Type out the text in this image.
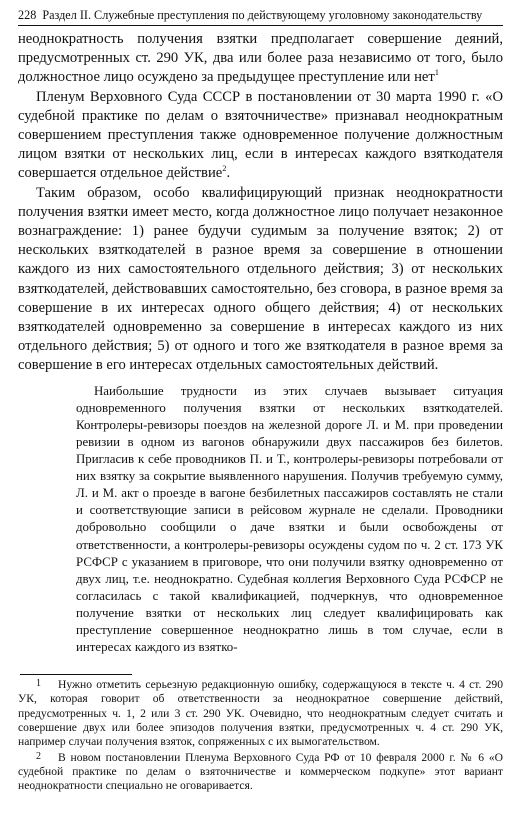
228 Раздел II. Служебные преступления по действующему уголовному законодательству

неоднократность получения взятки предполагает совершение деяний, предусмотренных ст. 290 УК, два или более раза независимо от того, было должностное лицо осуждено за предыдущее преступление или нет$^1$

Пленум Верховного Суда СССР в постановлении от 30 марта 1990 г. «О судебной практике по делам о взяточничестве» признавал неоднократным совершением преступления также одновременное получение должностным лицом взятки от нескольких лиц, если в интересах каждого взяткодателя совершается отдельное действие$^2$.

Таким образом, особо квалифицирующий признак неоднократности получения взятки имеет место, когда должностное лицо получает незаконное вознаграждение: 1) ранее будучи судимым за получение взяток; 2) от нескольких взяткодателей в разное время за совершение в отношении каждого из них самостоятельного отдельного действия; 3) от нескольких взяткодателей, действовавших самостоятельно, без сговора, в разное время за совершение в их интересах одного общего действия; 4) от нескольких взяткодателей одновременно за совершение в интересах каждого из них отдельного действия; 5) от одного и того же взяткодателя в разное время за совершение в его интересах отдельных самостоятельных действий.

Наибольшие трудности из этих случаев вызывает ситуация одновременного получения взятки от нескольких взяткодателей. Контролеры-ревизоры поездов на железной дороге Л. и М. при проведении ревизии в одном из вагонов обнаружили двух пассажиров без билетов. Пригласив к себе проводников П. и Т., контролеры-ревизоры потребовали от них взятку за сокрытие выявленного нарушения. Получив требуемую сумму, Л. и М. акт о проезде в вагоне безбилетных пассажиров составлять не стали и соответствующие записи в рейсовом журнале не сделали. Проводники добровольно сообщили о даче взятки и были освобождены от ответственности, а контролеры-ревизоры осуждены судом по ч. 2 ст. 173 УК РСФСР с указанием в приговоре, что они получили взятку одновременно от двух лиц, т.е. неоднократно. Судебная коллегия Верховного Суда РСФСР не согласилась с такой квалификацией, подчеркнув, что одновременное получение взятки от нескольких лиц следует квалифицировать как преступление совершенное неоднократно лишь в том случае, если в интересах каждого из взятко-

1 Нужно отметить серьезную редакционную ошибку, содержащуюся в тексте ч. 4 ст. 290 УК, которая говорит об ответственности за неоднократное совершение действий, предусмотренных ч. 1, 2 или 3 ст. 290 УК. Очевидно, что неоднократным следует считать и совершение двух или более эпизодов получения взятки, предусмотренных ч. 4 ст. 290 УК, например случаи получения взяток, сопряженных с их вымогательством.

2 В новом постановлении Пленума Верховного Суда РФ от 10 февраля 2000 г. № 6 «О судебной практике по делам о взяточничестве и коммерческом подкупе» этот вариант неоднократности специально не оговаривается.
